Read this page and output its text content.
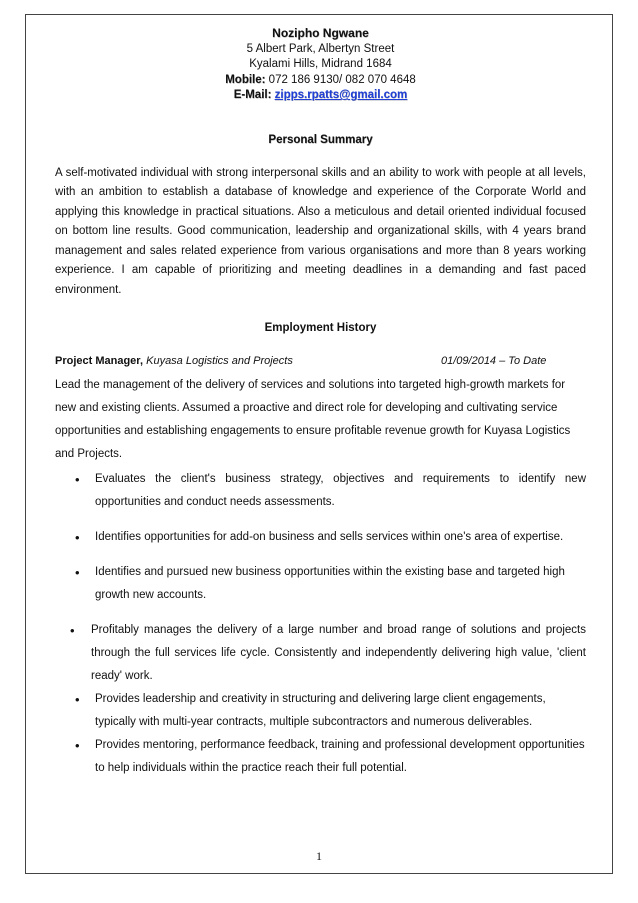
Nozipho Ngwane
5 Albert Park, Albertyn Street
Kyalami Hills, Midrand 1684
Mobile: 072 186 9130/ 082 070 4648
E-Mail: zipps.rpatts@gmail.com
Personal Summary
A self-motivated individual with strong interpersonal skills and an ability to work with people at all levels, with an ambition to establish a database of knowledge and experience of the Corporate World and applying this knowledge in practical situations. Also a meticulous and detail oriented individual focused on bottom line results. Good communication, leadership and organizational skills, with 4 years brand management and sales related experience from various organisations and more than 8 years working experience. I am capable of prioritizing and meeting deadlines in a demanding and fast paced environment.
Employment History
Project Manager, Kuyasa Logistics and Projects	01/09/2014 – To Date
Lead the management of the delivery of services and solutions into targeted high-growth markets for new and existing clients. Assumed a proactive and direct role for developing and cultivating service opportunities and establishing engagements to ensure profitable revenue growth for Kuyasa Logistics and Projects.
• Evaluates the client's business strategy, objectives and requirements to identify new opportunities and conduct needs assessments.
• Identifies opportunities for add-on business and sells services within one's area of expertise.
• Identifies and pursued new business opportunities within the existing base and targeted high growth new accounts.
• Profitably manages the delivery of a large number and broad range of solutions and projects through the full services life cycle. Consistently and independently delivering high value, 'client ready' work.
• Provides leadership and creativity in structuring and delivering large client engagements, typically with multi-year contracts, multiple subcontractors and numerous deliverables.
• Provides mentoring, performance feedback, training and professional development opportunities to help individuals within the practice reach their full potential.
1
